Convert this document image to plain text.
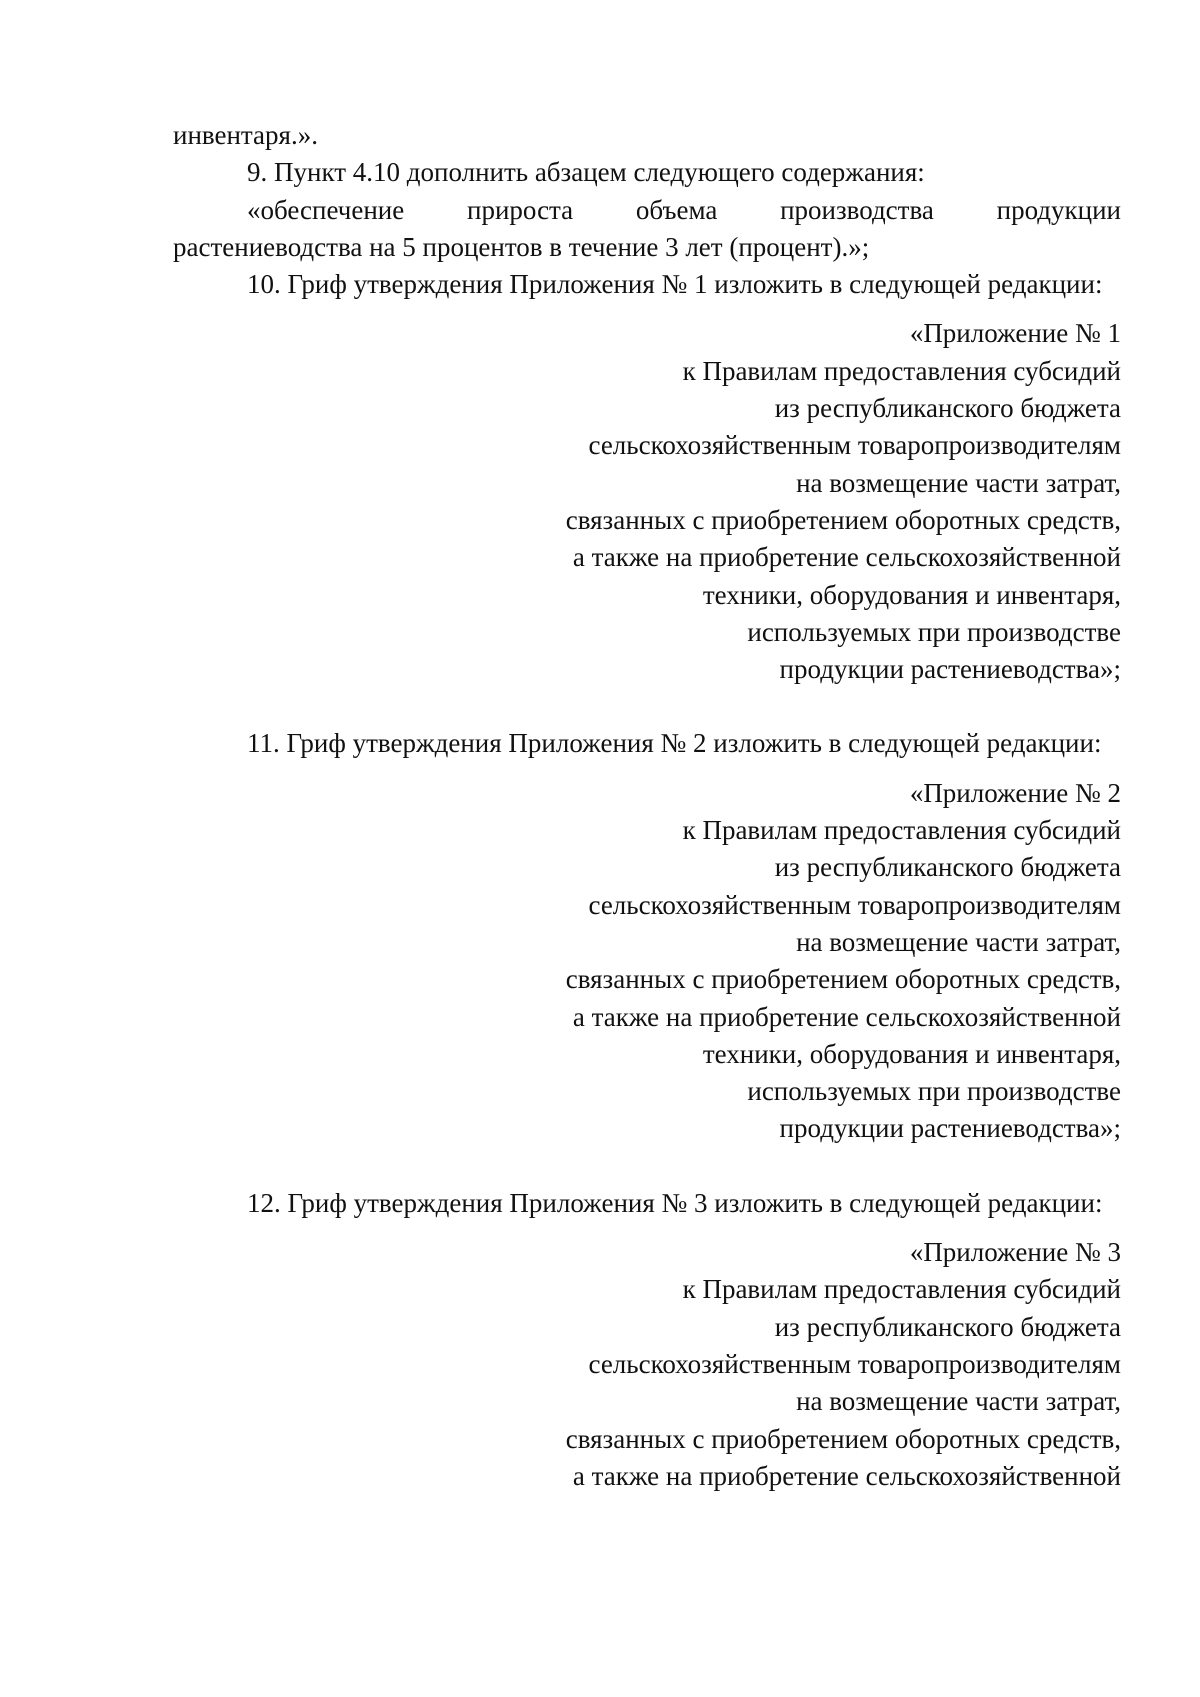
инвентаря.».

9. Пункт 4.10 дополнить абзацем следующего содержания:

«обеспечение прироста объема производства продукции

растениеводства на 5 процентов в течение 3 лет (процент).»;

10. Гриф утверждения Приложения № 1 изложить в следующей редакции:

«Приложение № 1
к Правилам предоставления субсидий
из республиканского бюджета
сельскохозяйственным товаропроизводителям
на возмещение части затрат,
связанных с приобретением оборотных средств,
а также на приобретение сельскохозяйственной
техники, оборудования и инвентаря,
используемых при производстве
продукции растениеводства»;

11. Гриф утверждения Приложения № 2 изложить в следующей редакции:

«Приложение № 2
к Правилам предоставления субсидий
из республиканского бюджета
сельскохозяйственным товаропроизводителям
на возмещение части затрат,
связанных с приобретением оборотных средств,
а также на приобретение сельскохозяйственной
техники, оборудования и инвентаря,
используемых при производстве
продукции растениеводства»;

12. Гриф утверждения Приложения № 3 изложить в следующей редакции:

«Приложение № 3
к Правилам предоставления субсидий
из республиканского бюджета
сельскохозяйственным товаропроизводителям
на возмещение части затрат,
связанных с приобретением оборотных средств,
а также на приобретение сельскохозяйственной
